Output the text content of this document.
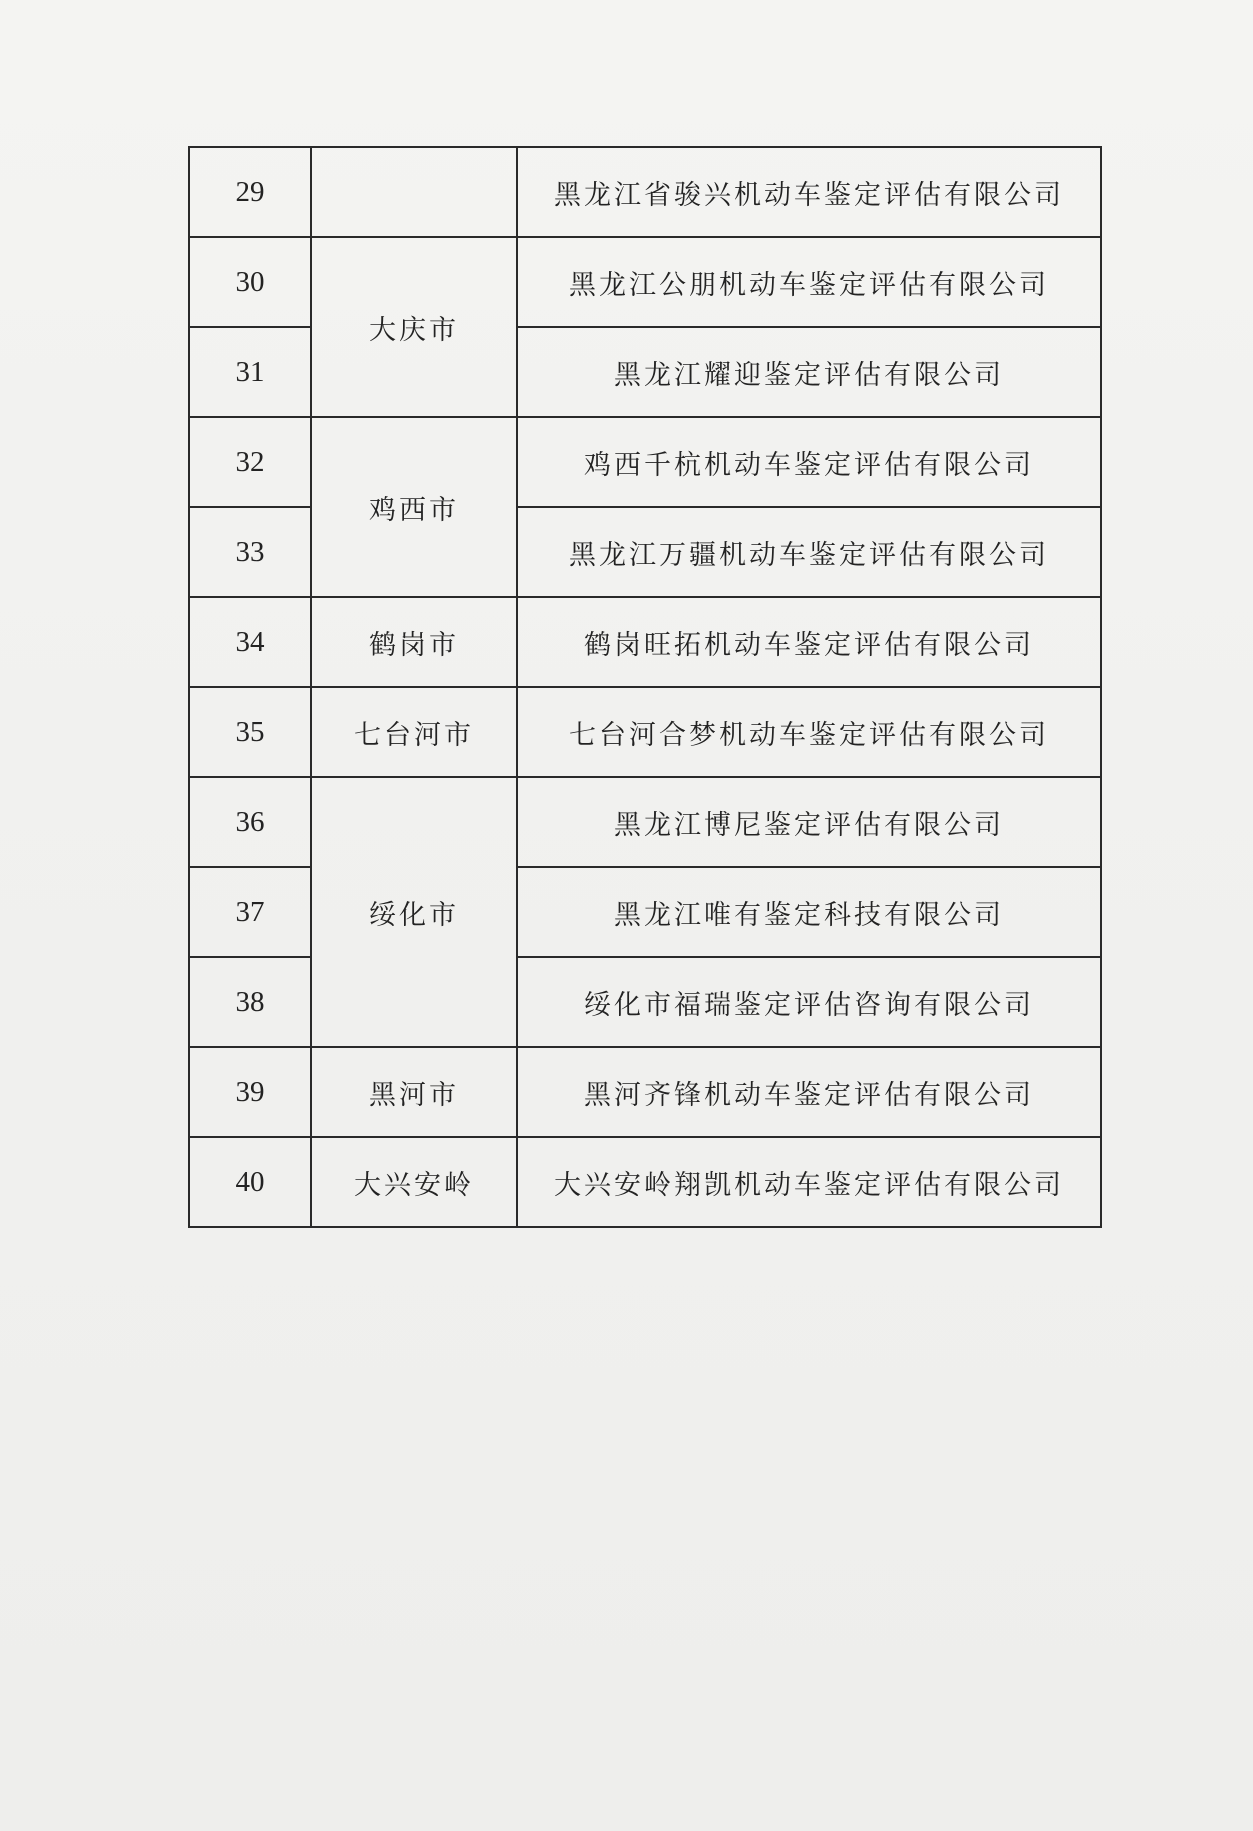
29		黑龙江省骏兴机动车鉴定评估有限公司
30	大庆市	黑龙江公朋机动车鉴定评估有限公司
31		黑龙江耀迎鉴定评估有限公司
32	鸡西市	鸡西千杭机动车鉴定评估有限公司
33		黑龙江万疆机动车鉴定评估有限公司
34	鹤岗市	鹤岗旺拓机动车鉴定评估有限公司
35	七台河市	七台河合梦机动车鉴定评估有限公司
36	绥化市	黑龙江博尼鉴定评估有限公司
37		黑龙江唯有鉴定科技有限公司
38		绥化市福瑞鉴定评估咨询有限公司
39	黑河市	黑河齐锋机动车鉴定评估有限公司
40	大兴安岭	大兴安岭翔凯机动车鉴定评估有限公司
